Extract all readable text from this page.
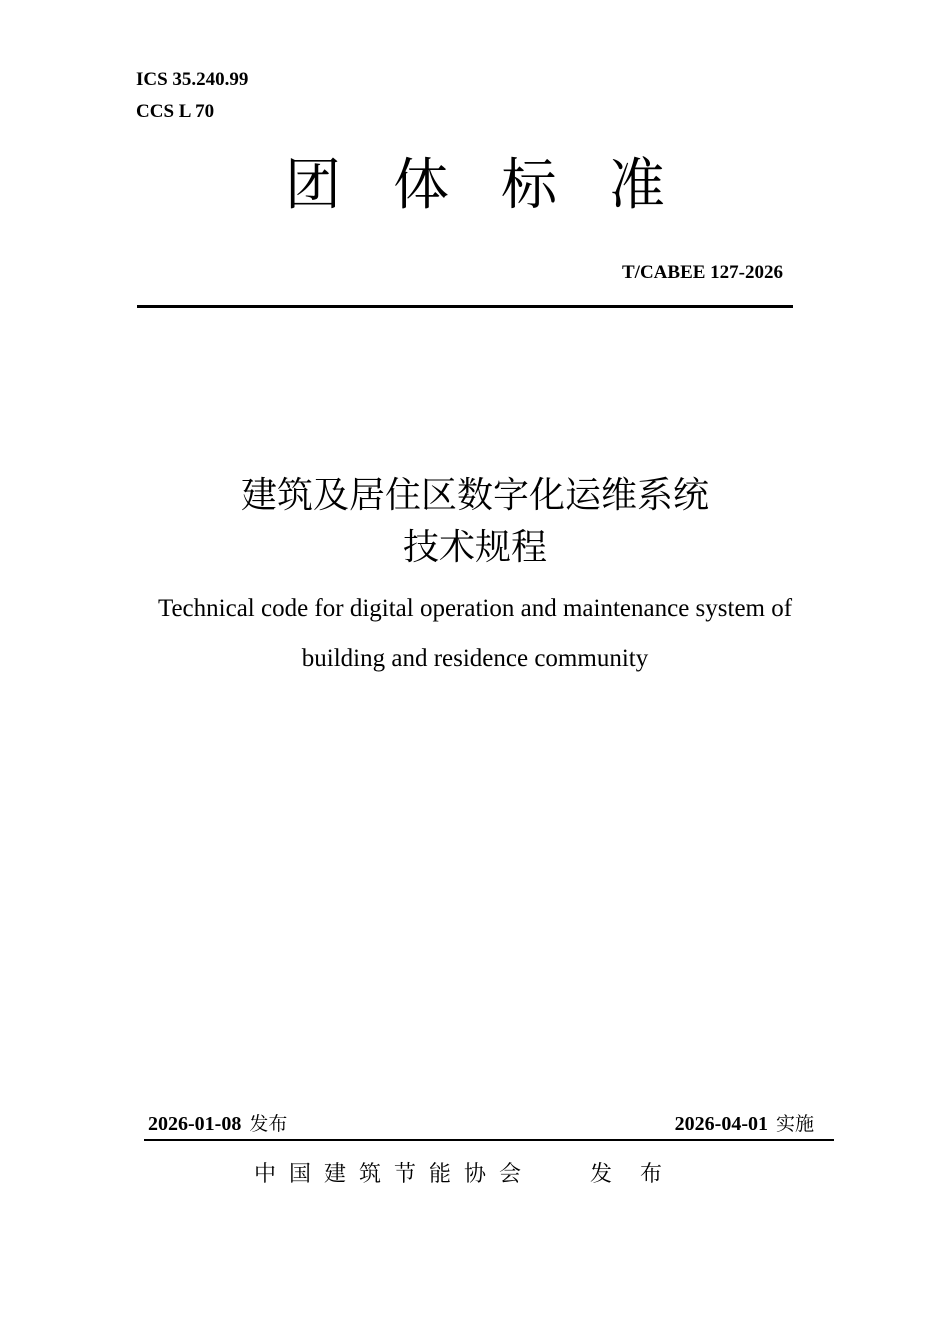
ICS 35.240.99
CCS L 70
团体标准
T/CABEE 127-2026
建筑及居住区数字化运维系统
技术规程
Technical code for digital operation and maintenance system of
building and residence community
2026-01-08 发布	2026-04-01 实施
中国建筑节能协会	发布
